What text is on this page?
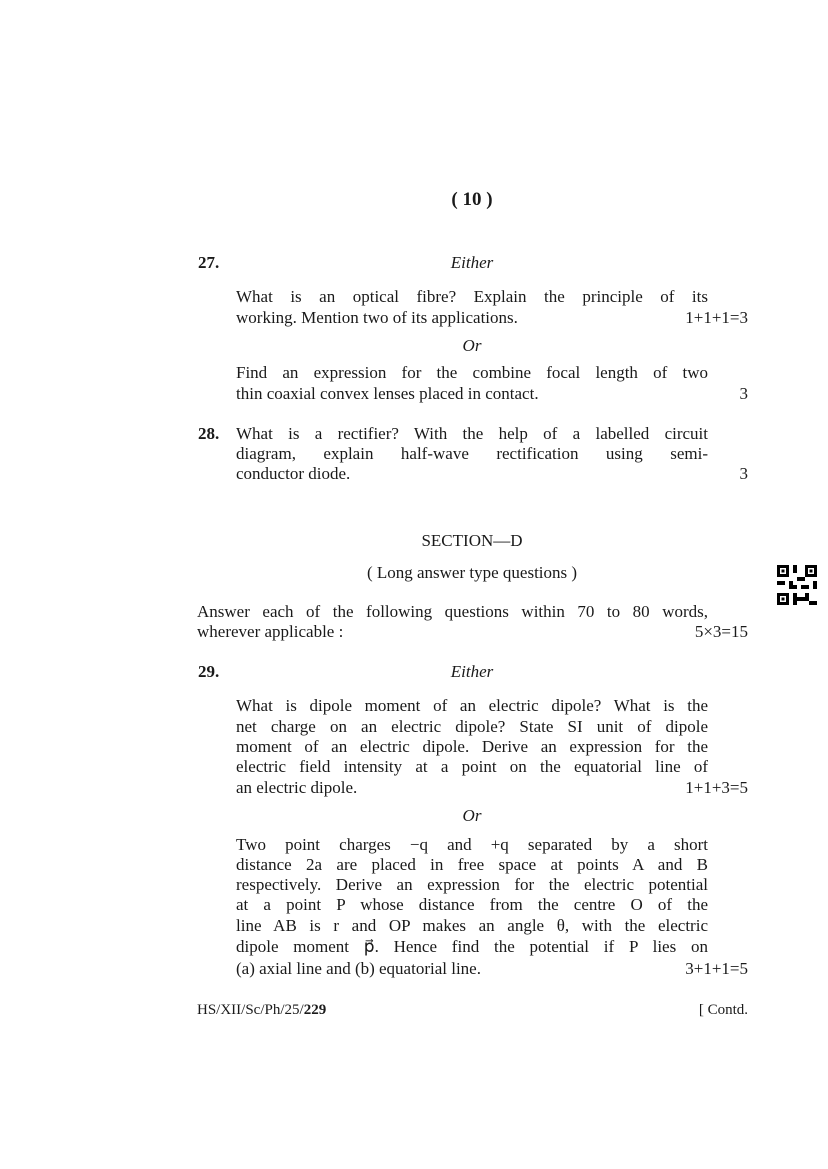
( 10 )
27.	Either
What is an optical fibre? Explain the principle of its
working. Mention two of its applications.	1+1+1=3
Or
Find an expression for the combine focal length of two
thin coaxial convex lenses placed in contact.	3
28. What is a rectifier? With the help of a labelled circuit
diagram, explain half-wave rectification using semi-
conductor diode.	3
SECTION—D
( Long answer type questions )
Answer each of the following questions within 70 to 80 words,
wherever applicable :	5×3=15
29.	Either
What is dipole moment of an electric dipole? What is the
net charge on an electric dipole? State SI unit of dipole
moment of an electric dipole. Derive an expression for the
electric field intensity at a point on the equatorial line of
an electric dipole.	1+1+3=5
Or
Two point charges −q and +q separated by a short
distance 2a are placed in free space at points A and B
respectively. Derive an expression for the electric potential
at a point P whose distance from the centre O of the
line AB is r and OP makes an angle θ, with the electric
dipole moment p⃗. Hence find the potential if P lies on
(a) axial line and (b) equatorial line.	3+1+1=5
HS/XII/Sc/Ph/25/229	[ Contd.
